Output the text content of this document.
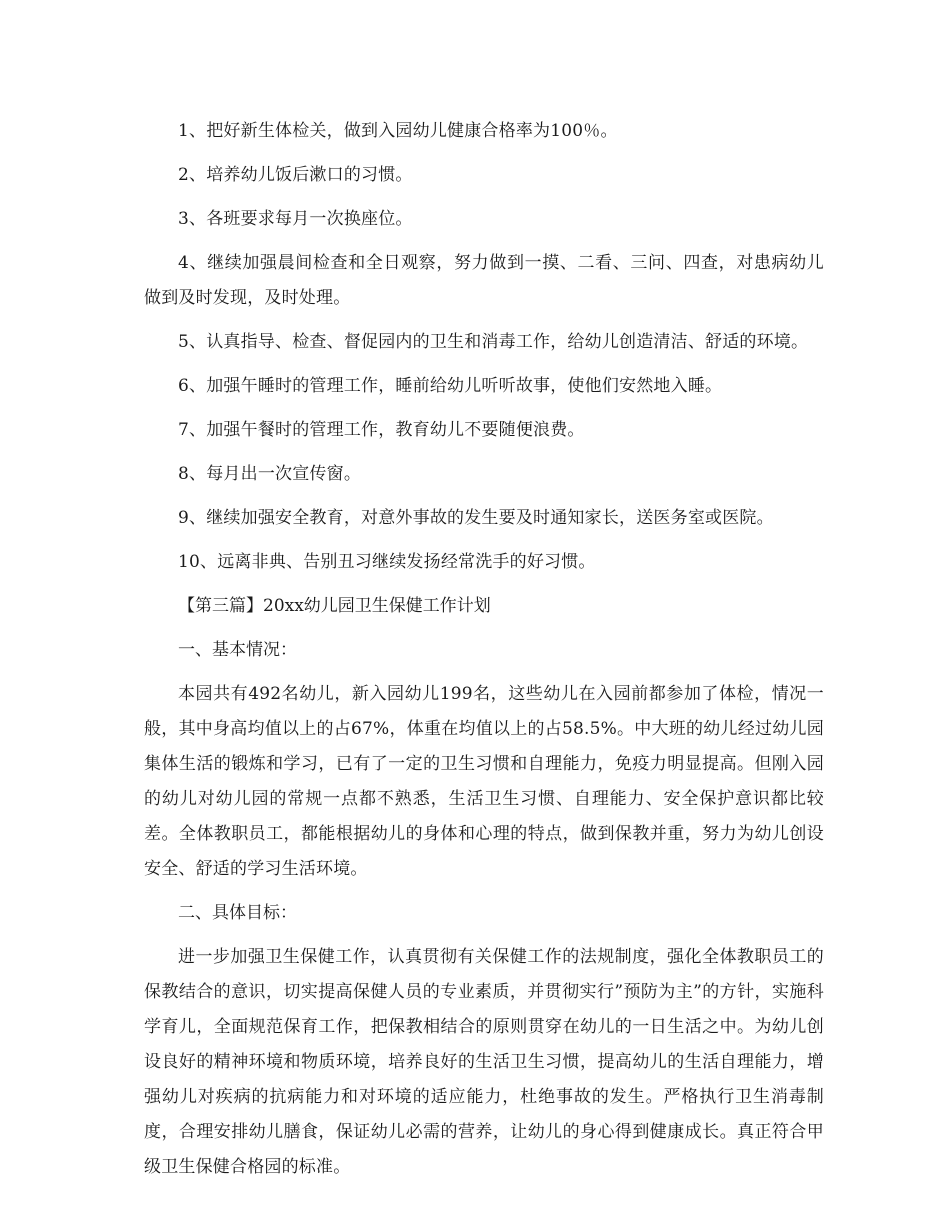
1、把好新生体检关，做到入园幼儿健康合格率为100％。

2、培养幼儿饭后漱口的习惯。

3、各班要求每月一次换座位。

4、继续加强晨间检查和全日观察，努力做到一摸、二看、三问、四查，对患病幼儿做到及时发现，及时处理。

5、认真指导、检查、督促园内的卫生和消毒工作，给幼儿创造清洁、舒适的环境。

6、加强午睡时的管理工作，睡前给幼儿听听故事，使他们安然地入睡。

7、加强午餐时的管理工作，教育幼儿不要随便浪费。

8、每月出一次宣传窗。

9、继续加强安全教育，对意外事故的发生要及时通知家长，送医务室或医院。

10、远离非典、告别丑习继续发扬经常洗手的好习惯。

【第三篇】20xx幼儿园卫生保健工作计划

一、基本情况：

本园共有492名幼儿，新入园幼儿199名，这些幼儿在入园前都参加了体检，情况一般，其中身高均值以上的占67%，体重在均值以上的占58.5%。中大班的幼儿经过幼儿园集体生活的锻炼和学习，已有了一定的卫生习惯和自理能力，免疫力明显提高。但刚入园的幼儿对幼儿园的常规一点都不熟悉，生活卫生习惯、自理能力、安全保护意识都比较差。全体教职员工，都能根据幼儿的身体和心理的特点，做到保教并重，努力为幼儿创设安全、舒适的学习生活环境。

二、具体目标：

进一步加强卫生保健工作，认真贯彻有关保健工作的法规制度，强化全体教职员工的保教结合的意识，切实提高保健人员的专业素质，并贯彻实行”预防为主”的方针，实施科学育儿，全面规范保育工作，把保教相结合的原则贯穿在幼儿的一日生活之中。为幼儿创设良好的精神环境和物质环境，培养良好的生活卫生习惯，提高幼儿的生活自理能力，增强幼儿对疾病的抗病能力和对环境的适应能力，杜绝事故的发生。严格执行卫生消毒制度，合理安排幼儿膳食，保证幼儿必需的营养，让幼儿的身心得到健康成长。真正符合甲级卫生保健合格园的标准。
